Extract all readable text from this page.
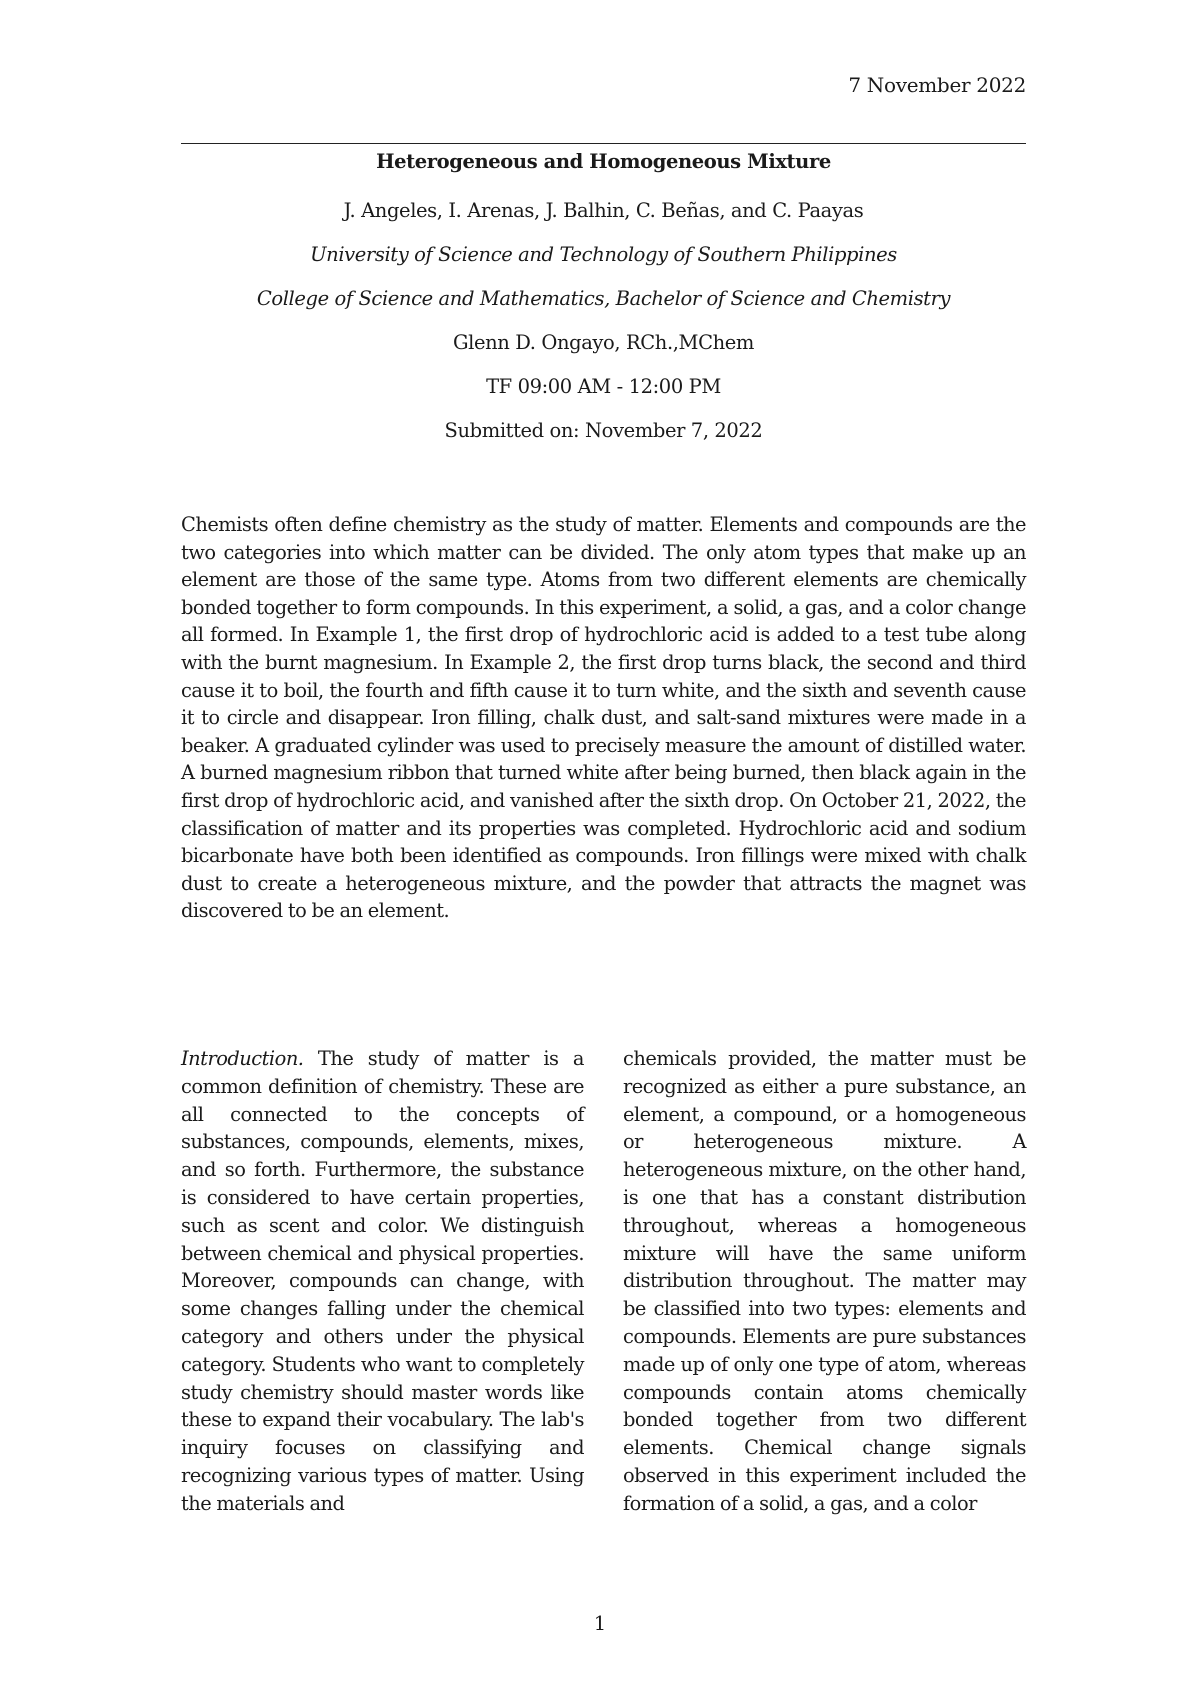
7 November 2022
Heterogeneous and Homogeneous Mixture
J. Angeles, I. Arenas, J. Balhin, C. Beñas, and C. Paayas
University of Science and Technology of Southern Philippines
College of Science and Mathematics, Bachelor of Science and Chemistry
Glenn D. Ongayo, RCh.,MChem
TF 09:00 AM - 12:00 PM
Submitted on: November 7, 2022
Chemists often define chemistry as the study of matter. Elements and compounds are the two categories into which matter can be divided. The only atom types that make up an element are those of the same type. Atoms from two different elements are chemically bonded together to form compounds. In this experiment, a solid, a gas, and a color change all formed. In Example 1, the first drop of hydrochloric acid is added to a test tube along with the burnt magnesium. In Example 2, the first drop turns black, the second and third cause it to boil, the fourth and fifth cause it to turn white, and the sixth and seventh cause it to circle and disappear. Iron filling, chalk dust, and salt-sand mixtures were made in a beaker. A graduated cylinder was used to precisely measure the amount of distilled water. A burned magnesium ribbon that turned white after being burned, then black again in the first drop of hydrochloric acid, and vanished after the sixth drop. On October 21, 2022, the classification of matter and its properties was completed. Hydrochloric acid and sodium bicarbonate have both been identified as compounds. Iron fillings were mixed with chalk dust to create a heterogeneous mixture, and the powder that attracts the magnet was discovered to be an element.
Introduction. The study of matter is a common definition of chemistry. These are all connected to the concepts of substances, compounds, elements, mixes, and so forth. Furthermore, the substance is considered to have certain properties, such as scent and color. We distinguish between chemical and physical properties. Moreover, compounds can change, with some changes falling under the chemical category and others under the physical category. Students who want to completely study chemistry should master words like these to expand their vocabulary. The lab's inquiry focuses on classifying and recognizing various types of matter. Using the materials and
chemicals provided, the matter must be recognized as either a pure substance, an element, a compound, or a homogeneous or heterogeneous mixture. A heterogeneous mixture, on the other hand, is one that has a constant distribution throughout, whereas a homogeneous mixture will have the same uniform distribution throughout. The matter may be classified into two types: elements and compounds. Elements are pure substances made up of only one type of atom, whereas compounds contain atoms chemically bonded together from two different elements. Chemical change signals observed in this experiment included the formation of a solid, a gas, and a color
1
